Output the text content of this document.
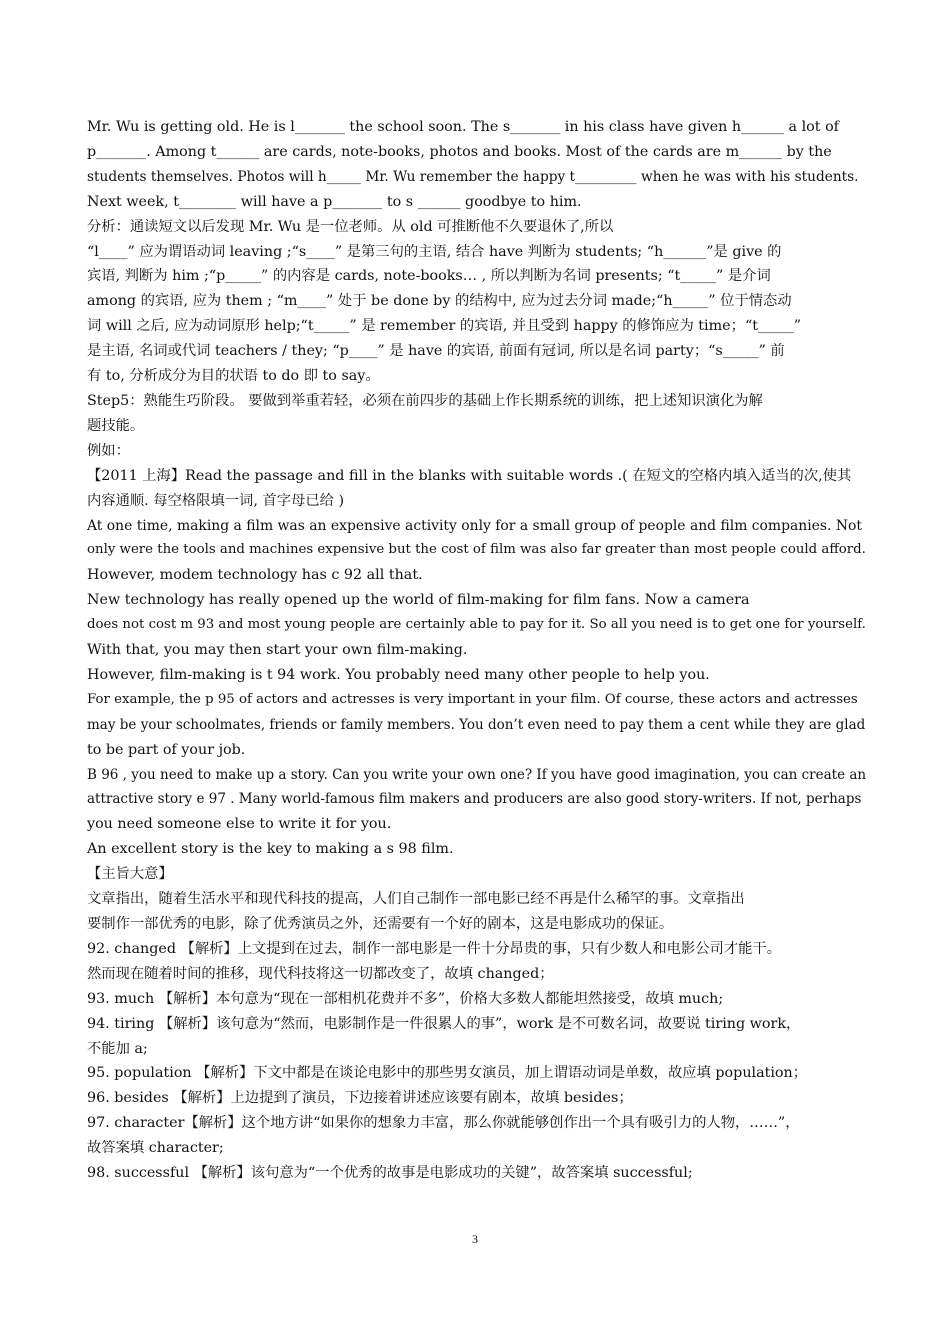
Mr. Wu is getting old. He is l_______ the school soon. The s_______ in his class have given h______ a lot of
p_______. Among t______ are cards, note-books, photos and books. Most of the cards are m______ by the
students themselves. Photos will h_____ Mr. Wu remember the happy t_________ when he was with his students.
Next week, t________ will have a p_______ to s ______ goodbye to him.
分析：通读短文以后发现 Mr. Wu 是一位老师。从 old 可推断他不久要退休了,所以
“l____” 应为谓语动词 leaving ;“s____” 是第三句的主语, 结合 have 判断为 students; “h______”是 give 的
宾语, 判断为 him ;“p_____” 的内容是 cards, note-books… , 所以判断为名词 presents; “t_____” 是介词
among 的宾语, 应为 them ; “m____” 处于 be done by 的结构中, 应为过去分词 made;“h_____” 位于情态动
词 will 之后, 应为动词原形 help;“t_____” 是 remember 的宾语, 并且受到 happy 的修饰应为 time；“t_____”
是主语, 名词或代词 teachers / they; “p____” 是 have 的宾语, 前面有冠词, 所以是名词 party；“s_____” 前
有 to, 分析成分为目的状语 to do 即 to say。
Step5：熟能生巧阶段。 要做到举重若轻，必须在前四步的基础上作长期系统的训练，把上述知识演化为解
题技能。
例如：
【2011 上海】Read the passage and fill in the blanks with suitable words .( 在短文的空格内填入适当的次,使其
内容通顺. 每空格限填一词, 首字母已给 )
At one time, making a film was an expensive activity only for a small group of people and film companies. Not
only were the tools and machines expensive but the cost of film was also far greater than most people could afford.
However, modem technology has c 92 all that.
New technology has really opened up the world of film-making for film fans. Now a camera
does not cost m 93 and most young people are certainly able to pay for it. So all you need is to get one for yourself.
With that, you may then start your own film-making.
However, film-making is t 94 work. You probably need many other people to help you.
For example, the p 95 of actors and actresses is very important in your film. Of course, these actors and actresses
may be your schoolmates, friends or family members. You don’t even need to pay them a cent while they are glad
to be part of your job.
B 96 , you need to make up a story. Can you write your own one? If you have good imagination, you can create an
attractive story e 97 . Many world-famous film makers and producers are also good story-writers. If not, perhaps
you need someone else to write it for you.
An excellent story is the key to making a s 98 film.
【主旨大意】
文章指出，随着生活水平和现代科技的提高，人们自己制作一部电影已经不再是什么稀罕的事。文章指出
要制作一部优秀的电影，除了优秀演员之外，还需要有一个好的剧本，这是电影成功的保证。
92. changed 【解析】上文提到在过去，制作一部电影是一件十分昂贵的事，只有少数人和电影公司才能干。
然而现在随着时间的推移，现代科技将这一切都改变了，故填 changed；
93. much 【解析】本句意为“现在一部相机花费并不多”，价格大多数人都能坦然接受，故填 much;
94. tiring 【解析】该句意为“然而，电影制作是一件很累人的事”，work 是不可数名词，故要说 tiring work，
不能加 a;
95. population 【解析】下文中都是在谈论电影中的那些男女演员，加上谓语动词是单数，故应填 population；
96. besides 【解析】上边提到了演员，下边接着讲述应该要有剧本，故填 besides；
97. character【解析】这个地方讲“如果你的想象力丰富，那么你就能够创作出一个具有吸引力的人物，……”，
故答案填 character;
98. successful 【解析】该句意为“一个优秀的故事是电影成功的关键”，故答案填 successful;
3
